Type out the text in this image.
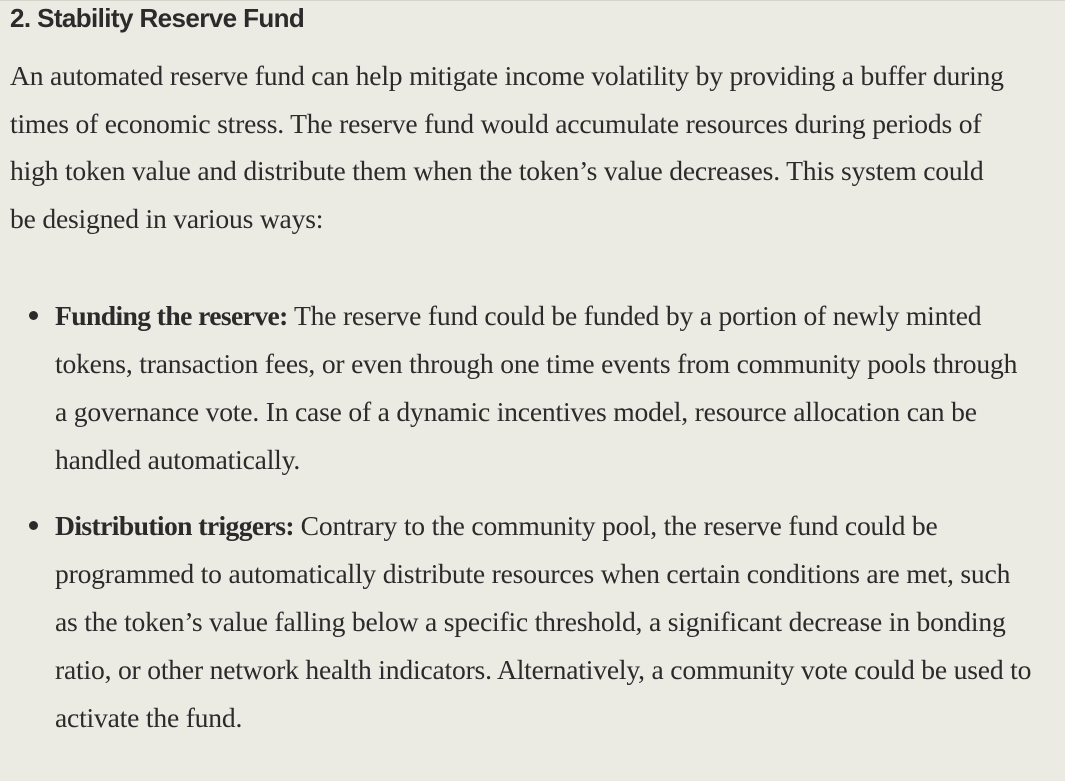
2. Stability Reserve Fund

An automated reserve fund can help mitigate income volatility by providing a buffer during times of economic stress. The reserve fund would accumulate resources during periods of high token value and distribute them when the token’s value decreases. This system could be designed in various ways:

Funding the reserve: The reserve fund could be funded by a portion of newly minted tokens, transaction fees, or even through one time events from community pools through a governance vote. In case of a dynamic incentives model, resource allocation can be handled automatically.
Distribution triggers: Contrary to the community pool, the reserve fund could be programmed to automatically distribute resources when certain conditions are met, such as the token’s value falling below a specific threshold, a significant decrease in bonding ratio, or other network health indicators. Alternatively, a community vote could be used to activate the fund.
